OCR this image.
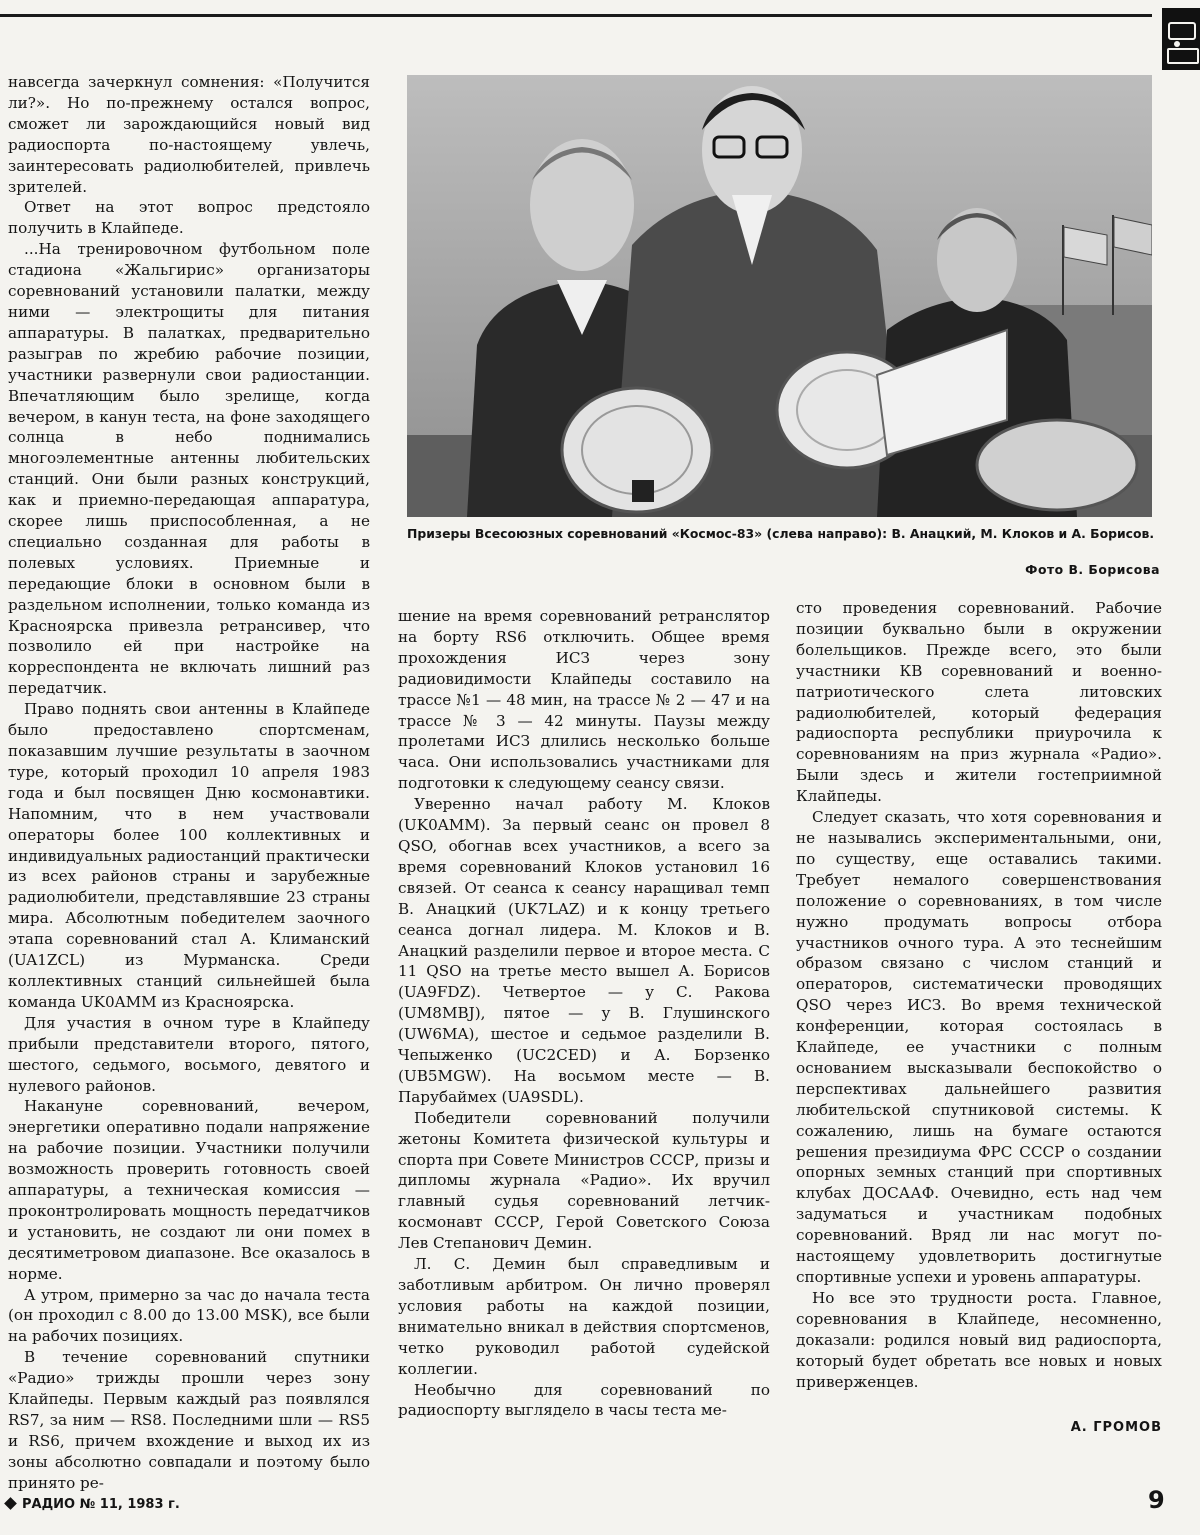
навсегда зачеркнул сомнения: «Получится ли?». Но по-прежнему остался вопрос, сможет ли зарождающийся новый вид радиоспорта по-настоящему увлечь, заинтересовать радиолюбителей, привлечь зрителей.

Ответ на этот вопрос предстояло получить в Клайпеде.

...На тренировочном футбольном поле стадиона «Жальгирис» организаторы соревнований установили палатки, между ними — электрощиты для питания аппаратуры. В палатках, предварительно разыграв по жребию рабочие позиции, участники развернули свои радиостанции. Впечатляющим было зрелище, когда вечером, в канун теста, на фоне заходящего солнца в небо поднимались многоэлементные антенны любительских станций. Они были разных конструкций, как и приемно-передающая аппаратура, скорее лишь приспособленная, а не специально созданная для работы в полевых условиях. Приемные и передающие блоки в основном были в раздельном исполнении, только команда из Красноярска привезла ретрансивер, что позволило ей при настройке на корреспондента не включать лишний раз передатчик.

Право поднять свои антенны в Клайпеде было предоставлено спортсменам, показавшим лучшие результаты в заочном туре, который проходил 10 апреля 1983 года и был посвящен Дню космонавтики. Напомним, что в нем участвовали операторы более 100 коллективных и индивидуальных радиостанций практически из всех районов страны и зарубежные радиолюбители, представлявшие 23 страны мира. Абсолютным победителем заочного этапа соревнований стал А. Климанский (UA1ZCL) из Мурманска. Среди коллективных станций сильнейшей была команда UK0AMM из Красноярска.

Для участия в очном туре в Клайпеду прибыли представители второго, пятого, шестого, седьмого, восьмого, девятого и нулевого районов.

Накануне соревнований, вечером, энергетики оперативно подали напряжение на рабочие позиции. Участники получили возможность проверить готовность своей аппаратуры, а техническая комиссия — проконтролировать мощность передатчиков и установить, не создают ли они помех в десятиметровом диапазоне. Все оказалось в норме.

А утром, примерно за час до начала теста (он проходил с 8.00 до 13.00 MSK), все были на рабочих позициях.

В течение соревнований спутники «Радио» трижды прошли через зону Клайпеды. Первым каждый раз появлялся RS7, за ним — RS8. Последними шли — RS5 и RS6, причем вхождение и выход их из зоны абсолютно совпадали и поэтому было принято ре-

Призеры Всесоюзных соревнований «Космос-83» (слева направо): В. Анацкий, М. Клоков и А. Борисов.
Фото В. Борисова

шение на время соревнований ретранслятор на борту RS6 отключить. Общее время прохождения ИСЗ через зону радиовидимости Клайпеды составило на трассе №1 — 48 мин, на трассе № 2 — 47 и на трассе № 3 — 42 минуты. Паузы между пролетами ИСЗ длились несколько больше часа. Они использовались участниками для подготовки к следующему сеансу связи.

Уверенно начал работу М. Клоков (UK0AMM). За первый сеанс он провел 8 QSO, обогнав всех участников, а всего за время соревнований Клоков установил 16 связей. От сеанса к сеансу наращивал темп В. Анацкий (UK7LAZ) и к концу третьего сеанса догнал лидера. М. Клоков и В. Анацкий разделили первое и второе места. С 11 QSO на третье место вышел А. Борисов (UA9FDZ). Четвертое — у С. Ракова (UM8MBJ), пятое — у В. Глушинского (UW6MA), шестое и седьмое разделили В. Чепыженко (UC2CED) и А. Борзенко (UB5MGW). На восьмом месте — В. Парубаймех (UA9SDL).

Победители соревнований получили жетоны Комитета физической культуры и спорта при Совете Министров СССР, призы и дипломы журнала «Радио». Их вручил главный судья соревнований летчик-космонавт СССР, Герой Советского Союза Лев Степанович Демин.

Л. С. Демин был справедливым и заботливым арбитром. Он лично проверял условия работы на каждой позиции, внимательно вникал в действия спортсменов, четко руководил работой судейской коллегии.

Необычно для соревнований по радиоспорту выглядело в часы теста ме-

сто проведения соревнований. Рабочие позиции буквально были в окружении болельщиков. Прежде всего, это были участники КВ соревнований и военно-патриотического слета литовских радиолюбителей, который федерация радиоспорта республики приурочила к соревнованиям на приз журнала «Радио». Были здесь и жители гостеприимной Клайпеды.

Следует сказать, что хотя соревнования и не назывались экспериментальными, они, по существу, еще оставались такими. Требует немалого совершенствования положение о соревнованиях, в том числе нужно продумать вопросы отбора участников очного тура. А это теснейшим образом связано с числом станций и операторов, систематически проводящих QSO через ИСЗ. Во время технической конференции, которая состоялась в Клайпеде, ее участники с полным основанием высказывали беспокойство о перспективах дальнейшего развития любительской спутниковой системы. К сожалению, лишь на бумаге остаются решения президиума ФРС СССР о создании опорных земных станций при спортивных клубах ДОСААФ. Очевидно, есть над чем задуматься и участникам подобных соревнований. Вряд ли нас могут по-настоящему удовлетворить достигнутые спортивные успехи и уровень аппаратуры.

Но все это трудности роста. Главное, соревнования в Клайпеде, несомненно, доказали: родился новый вид радиоспорта, который будет обретать все новых и новых приверженцев.

А. ГРОМОВ
РАДИО № 11, 1983 г.	9
